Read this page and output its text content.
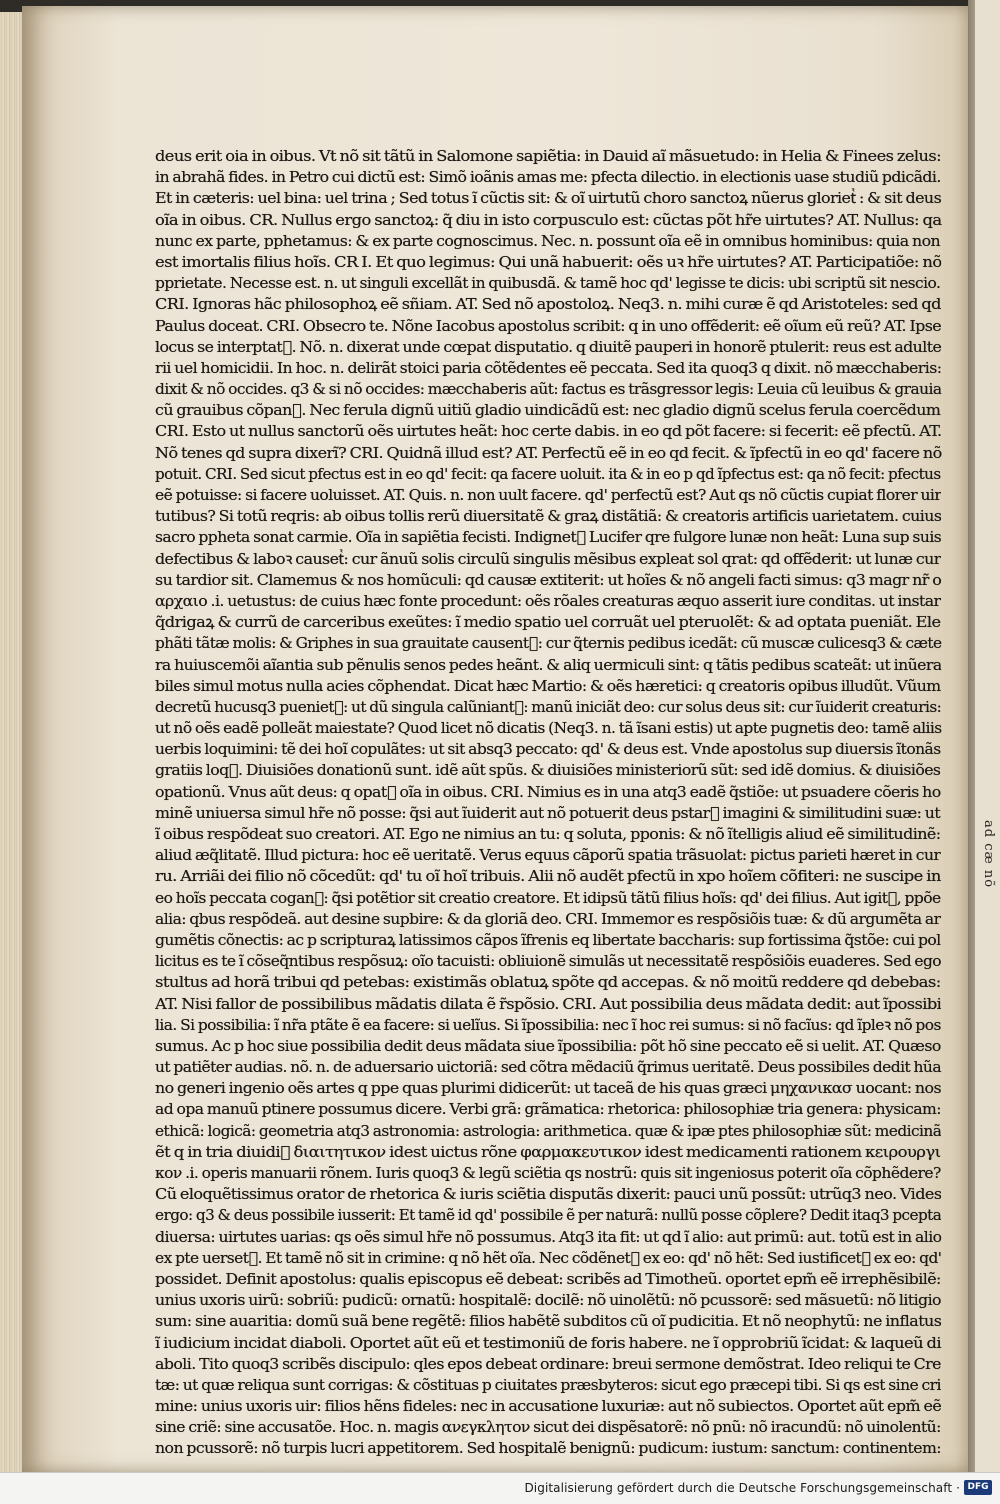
ad cæ nõ
deus erit oia in oibus. Vt nõ sit tãtũ in Salomone sapiẽtia: in Dauid aĩ mãsuetudo: in Helia & Finees zelus:
in abrahã fides. in Petro cui dictũ est: Simõ ioãnis amas me: pfecta dilectio. in electionis uase studiũ pdicãdi.
Et in cæteris: uel bina: uel trina ; Sed totus ĩ cũctis sit: & oĩ uirtutũ choro sanctoꝝ nũerus glorietᷣ : & sit deus
oĩa in oibus. CR. Nullus ergo sanctoꝝ: q̃ diu in isto corpusculo est: cũctas põt hr̃e uirtutes? AT. Nullus: qa
nunc ex parte, pphetamus: & ex parte cognoscimus. Nec. n. possunt oĩa eẽ in omnibus hominibus: quia non
est imortalis filius hoĩs. CR I. Et quo legimus: Qui unã habuerit: oẽs uꝛ hr̃e uirtutes? AT. Participatiõe: nõ
pprietate. Necesse est. n. ut singuli excellãt in quibusdã. & tamẽ hoc qd' legisse te dicis: ubi scriptũ sit nescio.
CRI. Ignoras hãc philosophoꝝ eẽ sñiam. AT. Sed nõ apostoloꝝ. Neq3. n. mihi curæ ẽ qd Aristoteles: sed qd
Paulus doceat. CRI. Obsecro te. Nõne Iacobus apostolus scribit: q in uno offẽderit: eẽ oĩum eũ reũ? AT. Ipse
locus se interptatᷣ. Nõ. n. dixerat unde cœpat disputatio. q diuitẽ pauperi in honorẽ ptulerit: reus est adulte
rii uel homicidii. In hoc. n. delirãt stoici paria cõtẽdentes eẽ peccata. Sed ita quoq3 q dixit. nõ mæcchaberis:
dixit & nõ occides. q3 & si nõ occides: mæcchaberis aũt: factus es trãsgressor legis: Leuia cũ leuibus & grauia
cũ grauibus cõpanᷣ. Nec ferula dignũ uitiũ gladio uindicãdũ est: nec gladio dignũ scelus ferula coercẽdum
CRI. Esto ut nullus sanctorũ oẽs uirtutes heãt: hoc certe dabis. in eo qd põt facere: si fecerit: eẽ pfectũ. AT.
Nõ tenes qd supra dixerĩ? CRI. Quidnã illud est? AT. Perfectũ eẽ in eo qd fecit. & ĩpfectũ in eo qd' facere nõ
potuit. CRI. Sed sicut pfectus est in eo qd' fecit: qa facere uoluit. ita & in eo p qd ĩpfectus est: qa nõ fecit: pfectus
eẽ potuisse: si facere uoluisset. AT. Quis. n. non uult facere. qd' perfectũ est? Aut qs nõ cũctis cupiat florer uir
tutibus? Si totũ reqris: ab oibus tollis rerũ diuersitatẽ & graꝝ distãtiã: & creatoris artificis uarietatem. cuius
sacro ppheta sonat carmie. Oĩa in sapiẽtia fecisti. Indignetᷣ Lucifer qre fulgore lunæ non heãt: Luna sup suis
defectibus & laboꝛ causetᷣ: cur ãnuũ solis circulũ singulis mẽsibus expleat sol qrat: qd offẽderit: ut lunæ cur
su tardior sit. Clamemus & nos homũculi: qd causæ extiterit: ut hoĩes & nõ angeli facti simus: q3 magr nr̃ o
αρχαιο .i. uetustus: de cuius hæc fonte procedunt: oẽs rõales creaturas æquo asserit iure conditas. ut instar
q̃drigaꝝ & currũ de carceribus exeũtes: ĩ medio spatio uel corruãt uel pteruolẽt: & ad optata pueniãt. Ele
phãti tãtæ molis: & Griphes in sua grauitate causentᷣ: cur q̃ternis pedibus icedãt: cũ muscæ culicesq3 & cæte
ra huiuscemõi aĩantia sub pẽnulis senos pedes heãnt. & aliq uermiculi sint: q tãtis pedibus scateãt: ut inũera
biles simul motus nulla acies cõphendat. Dicat hæc Martio: & oẽs hæretici: q creatoris opibus illudũt. Vũum
decretũ hucusq3 puenietᷣ: ut dũ singula calũniantᷣ: manũ iniciãt deo: cur solus deus sit: cur ĩuiderit creaturis:
ut nõ oẽs eadẽ polleãt maiestate? Quod licet nõ dicatis (Neq3. n. tã ĩsani estis) ut apte pugnetis deo: tamẽ aliis
uerbis loquimini: tẽ dei hoĩ copulãtes: ut sit absq3 peccato: qd' & deus est. Vnde apostolus sup diuersis ĩtonãs
gratiis loqᷣ. Diuisiões donationũ sunt. idẽ aũt spũs. & diuisiões ministeriorũ sũt: sed idẽ domius. & diuisiões
opationũ. Vnus aũt deus: q opatᷣ oĩa in oibus. CRI. Nimius es in una atq3 eadẽ q̃stiõe: ut psuadere cõeris ho
minẽ uniuersa simul hr̃e nõ posse: q̃si aut ĩuiderit aut nõ potuerit deus pstarᷣ imagini & similitudini suæ: ut
ĩ oibus respõdeat suo creatori. AT. Ego ne nimius an tu: q soluta, pponis: & nõ ĩtelligis aliud eẽ similitudinẽ:
aliud æq̃litatẽ. Illud pictura: hoc eẽ ueritatẽ. Verus equus cãporũ spatia trãsuolat: pictus parieti hæret in cur
ru. Arriãi dei filio nõ cõcedũt: qd' tu oĩ hoĩ tribuis. Alii nõ audẽt pfectũ in xpo hoĩem cõfiteri: ne suscipe in
eo hoĩs peccata coganᷣ: q̃si potẽtior sit creatio creatore. Et idipsũ tãtũ filius hoĩs: qd' dei filius. Aut igitᷣ, ppõe
alia: qbus respõdeã. aut desine supbire: & da gloriã deo. CRI. Immemor es respõsiõis tuæ: & dũ argumẽta ar
gumẽtis cõnectis: ac p scripturaꝝ latissimos cãpos ĩfrenis eq libertate baccharis: sup fortissima q̃stõe: cui pol
licitus es te ĩ cõseq̃ntibus respõsuꝝ: oĩo tacuisti: obliuionẽ simulãs ut necessitatẽ respõsiõis euaderes. Sed ego
stultus ad horã tribui qd petebas: existimãs oblatuꝝ spõte qd accepas. & nõ moitũ reddere qd debebas:
AT. Nisi fallor de possibilibus mãdatis dilata ẽ r̃spõsio. CRI. Aut possibilia deus mãdata dedit: aut ĩpossibi
lia. Si possibilia: ĩ nr̃a ptãte ẽ ea facere: si uelĩus. Si ĩpossibilia: nec ĩ hoc rei sumus: si nõ facĩus: qd ĩpleꝛ nõ pos
sumus. Ac p hoc siue possibilia dedit deus mãdata siue ĩpossibilia: põt hõ sine peccato eẽ si uelit. AT. Quæso
ut patiẽter audias. nõ. n. de aduersario uictoriã: sed cõtra mẽdaciũ q̃rimus ueritatẽ. Deus possibiles dedit hũa
no generi ingenio oẽs artes q ppe quas plurimi didicerũt: ut taceã de his quas græci μηχανικασ uocant: nos
ad opa manuũ ptinere possumus dicere. Verbi grã: grãmatica: rhetorica: philosophiæ tria genera: physicam:
ethicã: logicã: geometria atq3 astronomia: astrologia: arithmetica. quæ & ipæ ptes philosophiæ sũt: medicinã
ẽt q in tria diuidiᷣ διαιτητικον idest uictus rõne φαρμακευτικον idest medicamenti rationem κειρουργι
κον .i. operis manuarii rõnem. Iuris quoq3 & legũ sciẽtia qs nostrũ: quis sit ingeniosus poterit oĩa cõphẽdere?
Cũ eloquẽtissimus orator de rhetorica & iuris sciẽtia disputãs dixerit: pauci unũ possũt: utrũq3 neo. Vides
ergo: q3 & deus possibile iusserit: Et tamẽ id qd' possibile ẽ per naturã: nullũ posse cõplere? Dedit itaq3 pcepta
diuersa: uirtutes uarias: qs oẽs simul hr̃e nõ possumus. Atq3 ita fit: ut qd ĩ alio: aut primũ: aut. totũ est in alio
ex pte uersetᷣ. Et tamẽ nõ sit in crimine: q nõ hẽt oĩa. Nec cõdẽnetᷣ ex eo: qd' nõ hẽt: Sed iustificetᷣ ex eo: qd'
possidet. Definit apostolus: qualis episcopus eẽ debeat: scribẽs ad Timotheũ. oportet epm̃ eẽ irrephẽsibilẽ:
unius uxoris uirũ: sobriũ: pudicũ: ornatũ: hospitalẽ: docilẽ: nõ uinolẽtũ: nõ pcussorẽ: sed mãsuetũ: nõ litigio
sum: sine auaritia: domũ suã bene regẽtẽ: filios habẽtẽ subditos cũ oĩ pudicitia. Et nõ neophytũ: ne inflatus
ĩ iudicium incidat diaboli. Oportet aũt eũ et testimoniũ de foris habere. ne ĩ opprobriũ ĩcidat: & laqueũ di
aboli. Tito quoq3 scribẽs discipulo: qles epos debeat ordinare: breui sermone demõstrat. Ideo reliqui te Cre
tæ: ut quæ reliqua sunt corrigas: & cõstituas p ciuitates præsbyteros: sicut ego præcepi tibi. Si qs est sine cri
mine: unius uxoris uir: filios hẽns fideles: nec in accusatione luxuriæ: aut nõ subiectos. Oportet aũt epm̃ eẽ
sine criẽ: sine accusatõe. Hoc. n. magis ανεγκλητον sicut dei dispẽsatorẽ: nõ pnũ: nõ iracundũ: nõ uinolentũ:
non pcussorẽ: nõ turpis lucri appetitorem. Sed hospitalẽ benignũ: pudicum: iustum: sanctum: continentem:
Digitalisierung gefördert durch die Deutsche Forschungsgemeinschaft · DFG
